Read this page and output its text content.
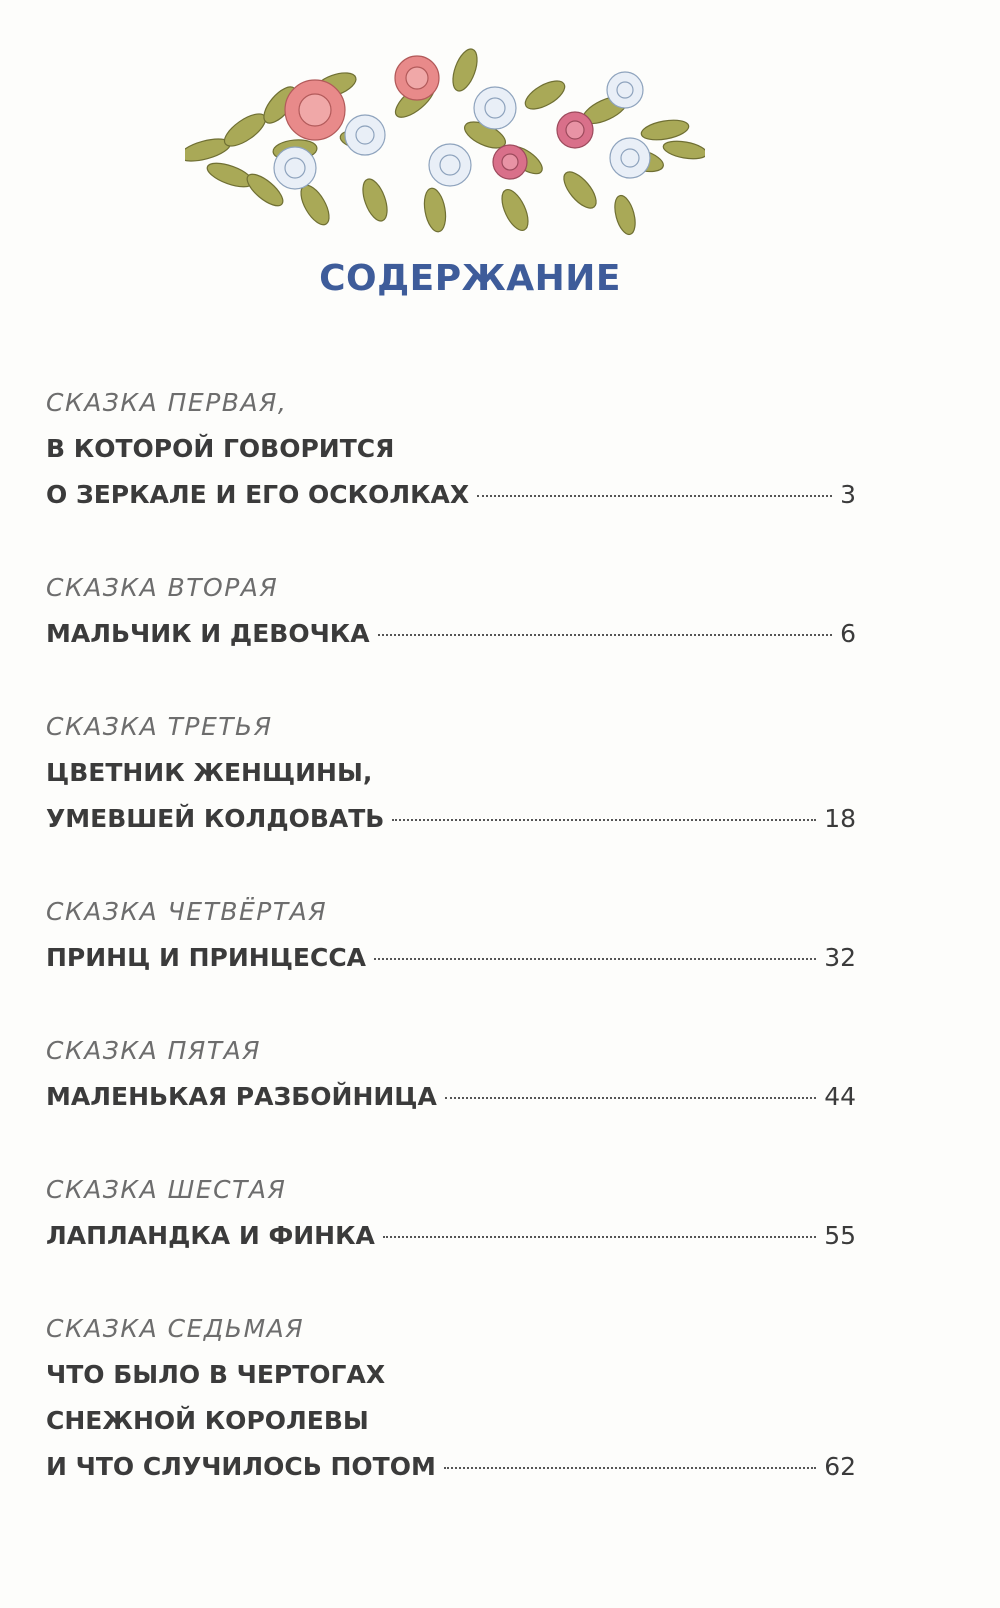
СОДЕРЖАНИЕ
СКАЗКА ПЕРВАЯ,
В КОТОРОЙ ГОВОРИТСЯ
О ЗЕРКАЛЕ И ЕГО ОСКОЛКАХ	3
СКАЗКА ВТОРАЯ
МАЛЬЧИК И ДЕВОЧКА	6
СКАЗКА ТРЕТЬЯ
ЦВЕТНИК ЖЕНЩИНЫ,
УМЕВШЕЙ КОЛДОВАТЬ	18
СКАЗКА ЧЕТВЁРТАЯ
ПРИНЦ И ПРИНЦЕССА	32
СКАЗКА ПЯТАЯ
МАЛЕНЬКАЯ РАЗБОЙНИЦА	44
СКАЗКА ШЕСТАЯ
ЛАПЛАНДКА И ФИНКА	55
СКАЗКА СЕДЬМАЯ
ЧТО БЫЛО В ЧЕРТОГАХ
СНЕЖНОЙ КОРОЛЕВЫ
И ЧТО СЛУЧИЛОСЬ ПОТОМ	62
